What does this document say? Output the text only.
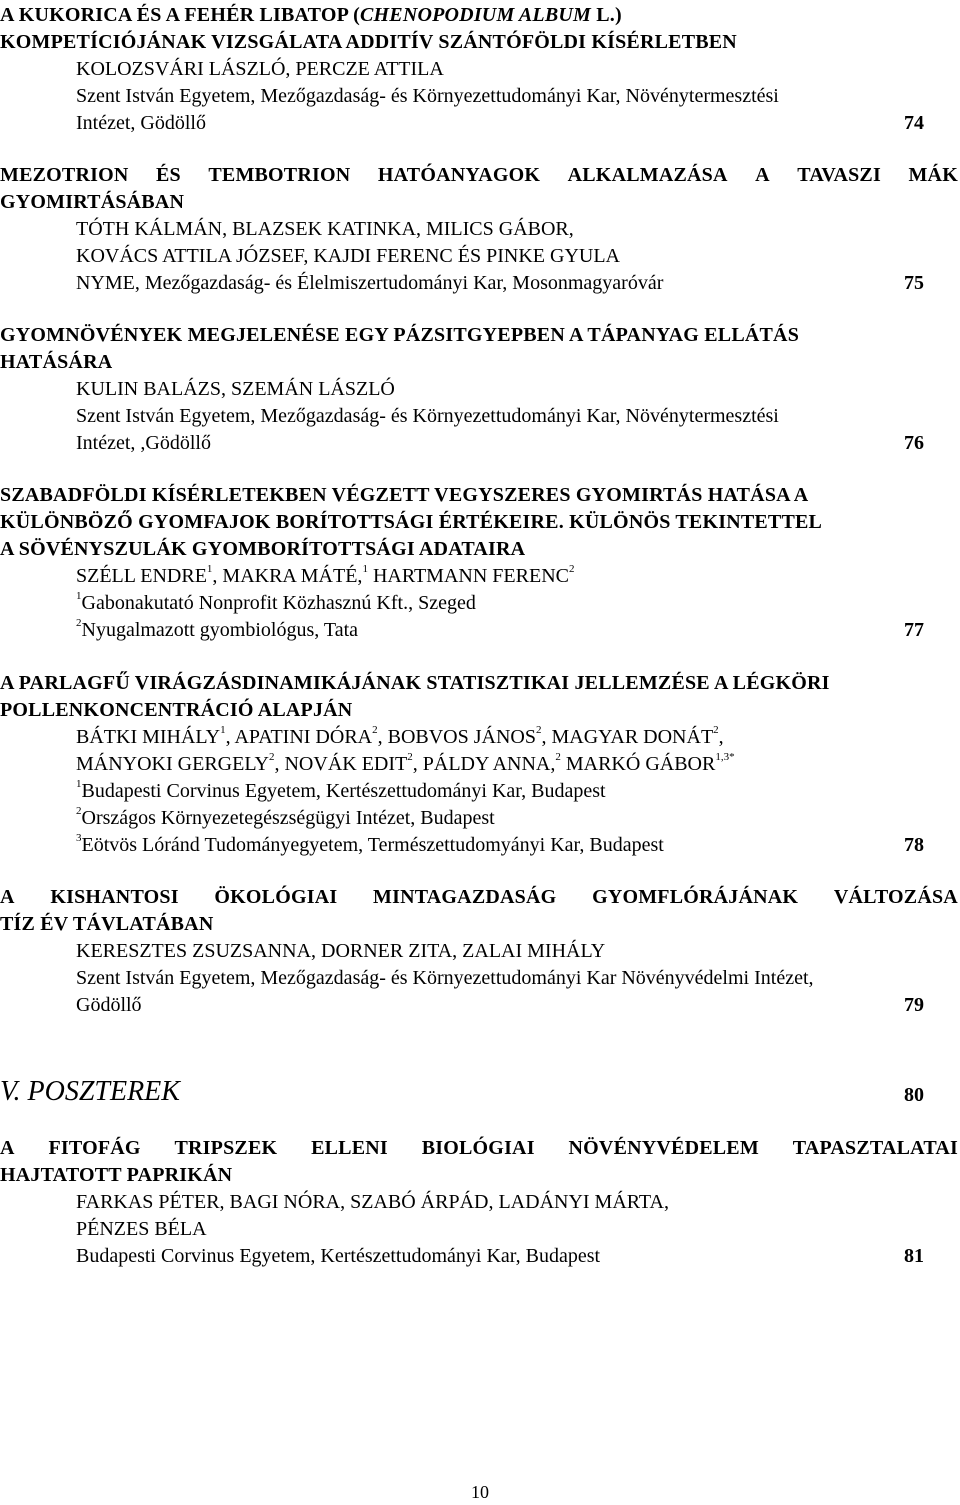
A KUKORICA ÉS A FEHÉR LIBATOP (CHENOPODIUM ALBUM L.)
KOMPETÍCIÓJÁNAK VIZSGÁLATA ADDITÍV SZÁNTÓFÖLDI KÍSÉRLETBEN
KOLOZSVÁRI LÁSZLÓ, PERCZE ATTILA
Szent István Egyetem, Mezőgazdaság- és Környezettudományi Kar, Növénytermesztési
Intézet, Gödöllő	74
MEZOTRION ÉS TEMBOTRION HATÓANYAGOK ALKALMAZÁSA A TAVASZI MÁK
GYOMIRTÁSÁBAN
TÓTH KÁLMÁN, BLAZSEK KATINKA, MILICS GÁBOR,
KOVÁCS ATTILA JÓZSEF, KAJDI FERENC ÉS PINKE GYULA
NYME, Mezőgazdaság- és Élelmiszertudományi Kar, Mosonmagyaróvár	75
GYOMNÖVÉNYEK MEGJELENÉSE EGY PÁZSITGYEPBEN A TÁPANYAG ELLÁTÁS
HATÁSÁRA
KULIN BALÁZS, SZEMÁN LÁSZLÓ
Szent István Egyetem, Mezőgazdaság- és Környezettudományi Kar, Növénytermesztési
Intézet, ,Gödöllő	76
SZABADFÖLDI KÍSÉRLETEKBEN VÉGZETT VEGYSZERES GYOMIRTÁS HATÁSA A
KÜLÖNBÖZŐ GYOMFAJOK BORÍTOTTSÁGI ÉRTÉKEIRE. KÜLÖNÖS TEKINTETTEL
A SÖVÉNYSZULÁK GYOMBORÍTOTTSÁGI ADATAIRA
SZÉLL ENDRE$^1$, MAKRA MÁTÉ,$^1$ HARTMANN FERENC$^2$
$^1$Gabonakutató Nonprofit Közhasznú Kft., Szeged
$^2$Nyugalmazott gyombiológus, Tata	77
A PARLAGFŰ VIRÁGZÁSDINAMIKÁJÁNAK STATISZTIKAI JELLEMZÉSE A LÉGKÖRI
POLLENKONCENTRÁCIÓ ALAPJÁN
BÁTKI MIHÁLY$^1$, APATINI DÓRA$^2$, BOBVOS JÁNOS$^2$, MAGYAR DONÁT$^2$,
MÁNYOKI GERGELY$^2$, NOVÁK EDIT$^2$, PÁLDY ANNA,$^2$ MARKÓ $GÁBOR^{1,3*}$
$^1$Budapesti Corvinus Egyetem, Kertészettudományi Kar, Budapest
$^2$Országos Környezetegészségügyi Intézet, Budapest
$^3$Eötvös Lóránd Tudományegyetem, Természettudomyányi Kar, Budapest	78
A KISHANTOSI ÖKOLÓGIAI MINTAGAZDASÁG GYOMFLÓRÁJÁNAK VÁLTOZÁSA
TÍZ ÉV TÁVLATÁBAN
KERESZTES ZSUZSANNA, DORNER ZITA, ZALAI MIHÁLY
Szent István Egyetem, Mezőgazdaság- és Környezettudományi Kar Növényvédelmi Intézet,
Gödöllő	79
V. POSZTEREK	80
A FITOFÁG TRIPSZEK ELLENI BIOLÓGIAI NÖVÉNYVÉDELEM TAPASZTALATAI
HAJTATOTT PAPRIKÁN
FARKAS PÉTER, BAGI NÓRA, SZABÓ ÁRPÁD, LADÁNYI MÁRTA,
PÉNZES BÉLA
Budapesti Corvinus Egyetem, Kertészettudományi Kar, Budapest	81
10
